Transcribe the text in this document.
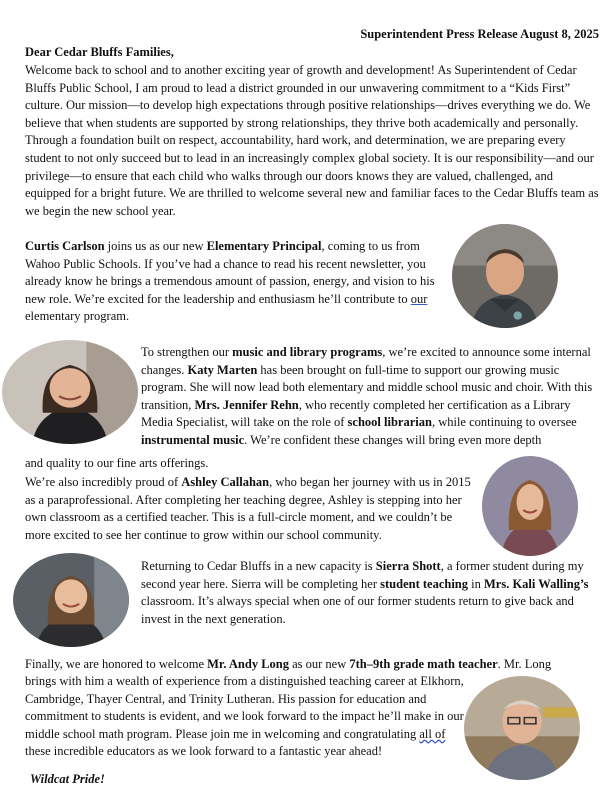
Superintendent Press Release August 8, 2025
Dear Cedar Bluffs Families,

Welcome back to school and to another exciting year of growth and development! As Superintendent of Cedar Bluffs Public School, I am proud to lead a district grounded in our unwavering commitment to a “Kids First” culture. Our mission—to develop high expectations through positive relationships—drives everything we do. We believe that when students are supported by strong relationships, they thrive both academically and personally. Through a foundation built on respect, accountability, hard work, and determination, we are preparing every student to not only succeed but to lead in an increasingly complex global society. It is our responsibility—and our privilege—to ensure that each child who walks through our doors knows they are valued, challenged, and equipped for a bright future. We are thrilled to welcome several new and familiar faces to the Cedar Bluffs team as we begin the new school year.

Curtis Carlson joins us as our new Elementary Principal, coming to us from Wahoo Public Schools. If you’ve had a chance to read his recent newsletter, you already know he brings a tremendous amount of passion, energy, and vision to his new role. We’re excited for the leadership and enthusiasm he’ll contribute to our elementary program.

To strengthen our music and library programs, we’re excited to announce some internal changes. Katy Marten has been brought on full-time to support our growing music program. She will now lead both elementary and middle school music and choir. With this transition, Mrs. Jennifer Rehn, who recently completed her certification as a Library Media Specialist, will take on the role of school librarian, while continuing to oversee instrumental music. We’re confident these changes will bring even more depth

and quality to our fine arts offerings.

We’re also incredibly proud of Ashley Callahan, who began her journey with us in 2015 as a paraprofessional. After completing her teaching degree, Ashley is stepping into her own classroom as a certified teacher. This is a full-circle moment, and we couldn’t be more excited to see her continue to grow within our school community.

Returning to Cedar Bluffs in a new capacity is Sierra Shott, a former student during my second year here. Sierra will be completing her student teaching in Mrs. Kali Walling’s classroom. It’s always special when one of our former students return to give back and invest in the next generation.

Finally, we are honored to welcome Mr. Andy Long as our new 7th–9th grade math teacher. Mr. Long

brings with him a wealth of experience from a distinguished teaching career at Elkhorn, Cambridge, Thayer Central, and Trinity Lutheran. His passion for education and commitment to students is evident, and we look forward to the impact he’ll make in our middle school math program. Please join me in welcoming and congratulating all of these incredible educators as we look forward to a fantastic year ahead!

Wildcat Pride!
